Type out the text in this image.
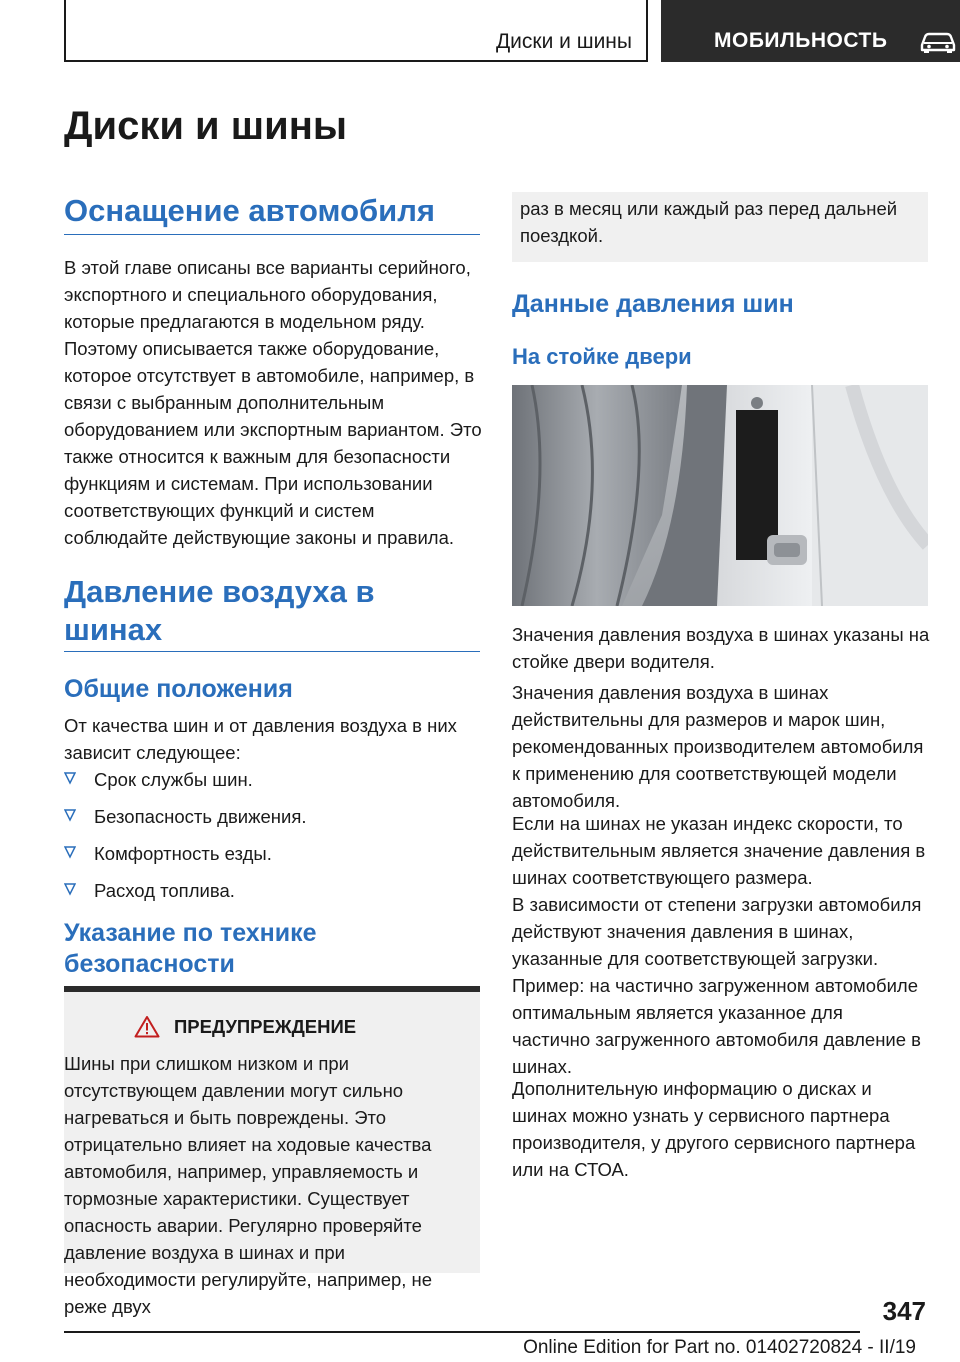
Диски и шины	МОБИЛЬНОСТЬ
Диски и шины
Оснащение автомобиля

В этой главе описаны все варианты серийного, экспортного и специального оборудования, которые предлагаются в модельном ряду. Поэтому описывается также оборудование, которое отсутствует в автомобиле, например, в связи с выбранным дополнительным оборудованием или экспортным вариантом. Это также относится к важным для безопасности функциям и системам. При использовании соответствующих функций и систем соблюдайте действующие законы и правила.

Давление воздуха в шинах
Общие положения

От качества шин и от давления воздуха в них зависит следующее:

Срок службы шин.
Безопасность движения.
Комфортность езды.
Расход топлива.
Указание по технике безопасности
ПРЕДУПРЕЖДЕНИЕ

Шины при слишком низком и при отсутствующем давлении могут сильно нагреваться и быть повреждены. Это отрицательно влияет на ходовые качества автомобиля, например, управляемость и тормозные характеристики. Существует опасность аварии. Регулярно проверяйте давление воздуха в шинах и при необходимости регулируйте, например, не реже двух

раз в месяц или каждый раз перед дальней поездкой.

Данные давления шин
На стойке двери

Значения давления воздуха в шинах указаны на стойке двери водителя.

Значения давления воздуха в шинах действительны для размеров и марок шин, рекомендованных производителем автомобиля к применению для соответствующей модели автомобиля.

Если на шинах не указан индекс скорости, то действительным является значение давления в шинах соответствующего размера.

В зависимости от степени загрузки автомобиля действуют значения давления в шинах, указанные для соответствующей загрузки. Пример: на частично загруженном автомобиле оптимальным является указанное для частично загруженного автомобиля давление в шинах.

Дополнительную информацию о дисках и шинах можно узнать у сервисного партнера производителя, у другого сервисного партнера или на СТОА.

347
Online Edition for Part no. 01402720824 - II/19
